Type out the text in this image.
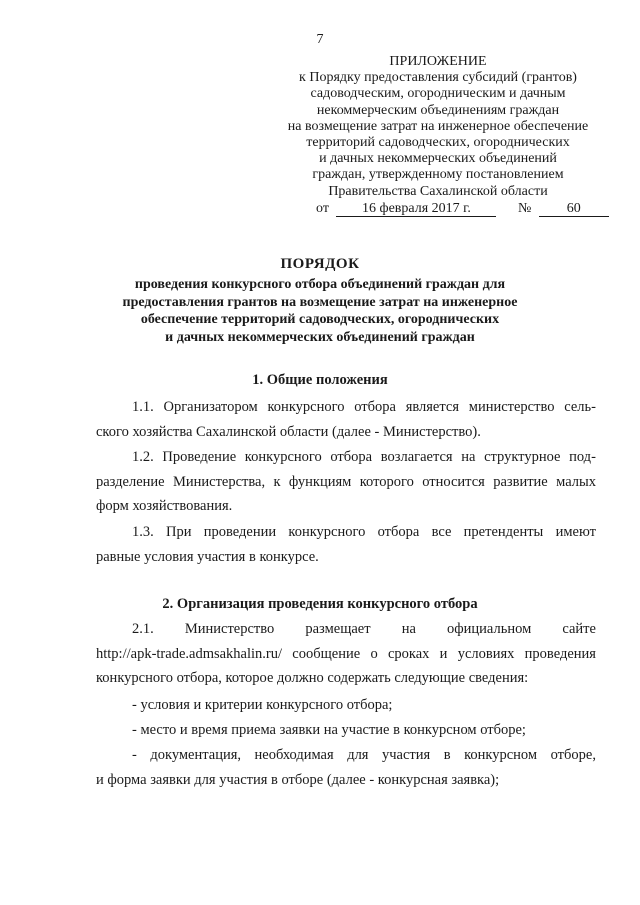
7
ПРИЛОЖЕНИЕ
к Порядку предоставления субсидий (грантов)
садоводческим, огородническим и дачным
некоммерческим объединениям граждан
на возмещение затрат на инженерное обеспечение
территорий садоводческих, огороднических
и дачных некоммерческих объединений
граждан, утвержденному постановлением
Правительства Сахалинской области
от 16 февраля 2017 г.	№	60
ПОРЯДОК
проведения конкурсного отбора объединений граждан для
предоставления грантов на возмещение затрат на инженерное
обеспечение территорий садоводческих, огороднических
и дачных некоммерческих объединений граждан
1. Общие положения
1.1. Организатором конкурсного отбора является министерство сель-
ского хозяйства Сахалинской области (далее - Министерство).
1.2. Проведение конкурсного отбора возлагается на структурное под-
разделение Министерства, к функциям которого относится развитие малых
форм хозяйствования.
1.3. При проведении конкурсного отбора все претенденты имеют
равные условия участия в конкурсе.
2. Организация проведения конкурсного отбора
2.1. Министерство размещает на официальном сайте
http://apk-trade.admsakhalin.ru/ сообщение о сроках и условиях проведения
конкурсного отбора, которое должно содержать следующие сведения:
- условия и критерии конкурсного отбора;
- место и время приема заявки на участие в конкурсном отборе;
- документация, необходимая для участия в конкурсном отборе,
и форма заявки для участия в отборе (далее - конкурсная заявка);
